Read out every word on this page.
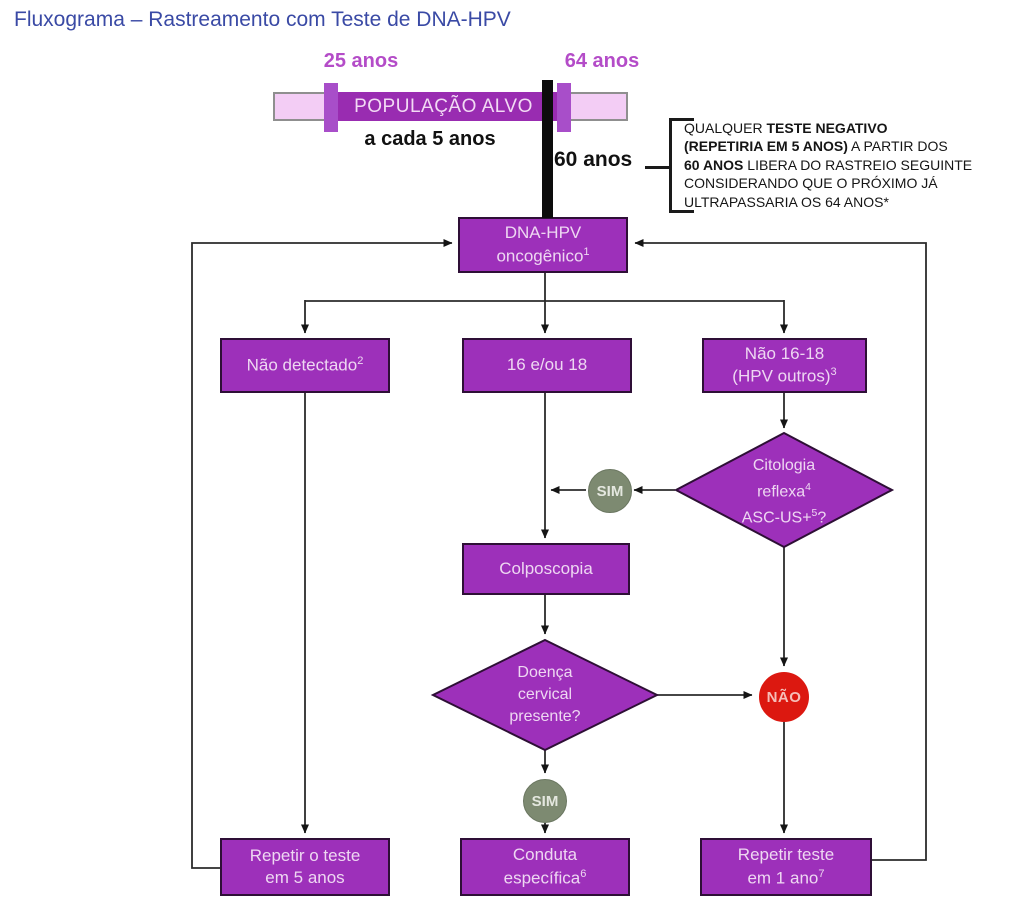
Fluxograma – Rastreamento com Teste de DNA-HPV
25 anos	64 anos
POPULAÇÃO ALVO
a cada 5 anos
60 anos
QUALQUER TESTE NEGATIVO
(REPETIRIA EM 5 ANOS) A PARTIR DOS
60 ANOS LIBERA DO RASTREIO SEGUINTE
CONSIDERANDO QUE O PRÓXIMO JÁ
ULTRAPASSARIA OS 64 ANOS*
DNA-HPV
oncogênico$^1$
Não detectado$^2$	16 e/ou 18
Não 16-18
(HPV outros)$^3$
Citologia
reflexa$^4$
ASC-US+$^5$?
SIM
Colposcopia
Doença
cervical
presente?
NÃO
SIM
Repetir o teste
em 5 anos
Conduta
específica$^6$
Repetir teste
em 1 ano$^7$
